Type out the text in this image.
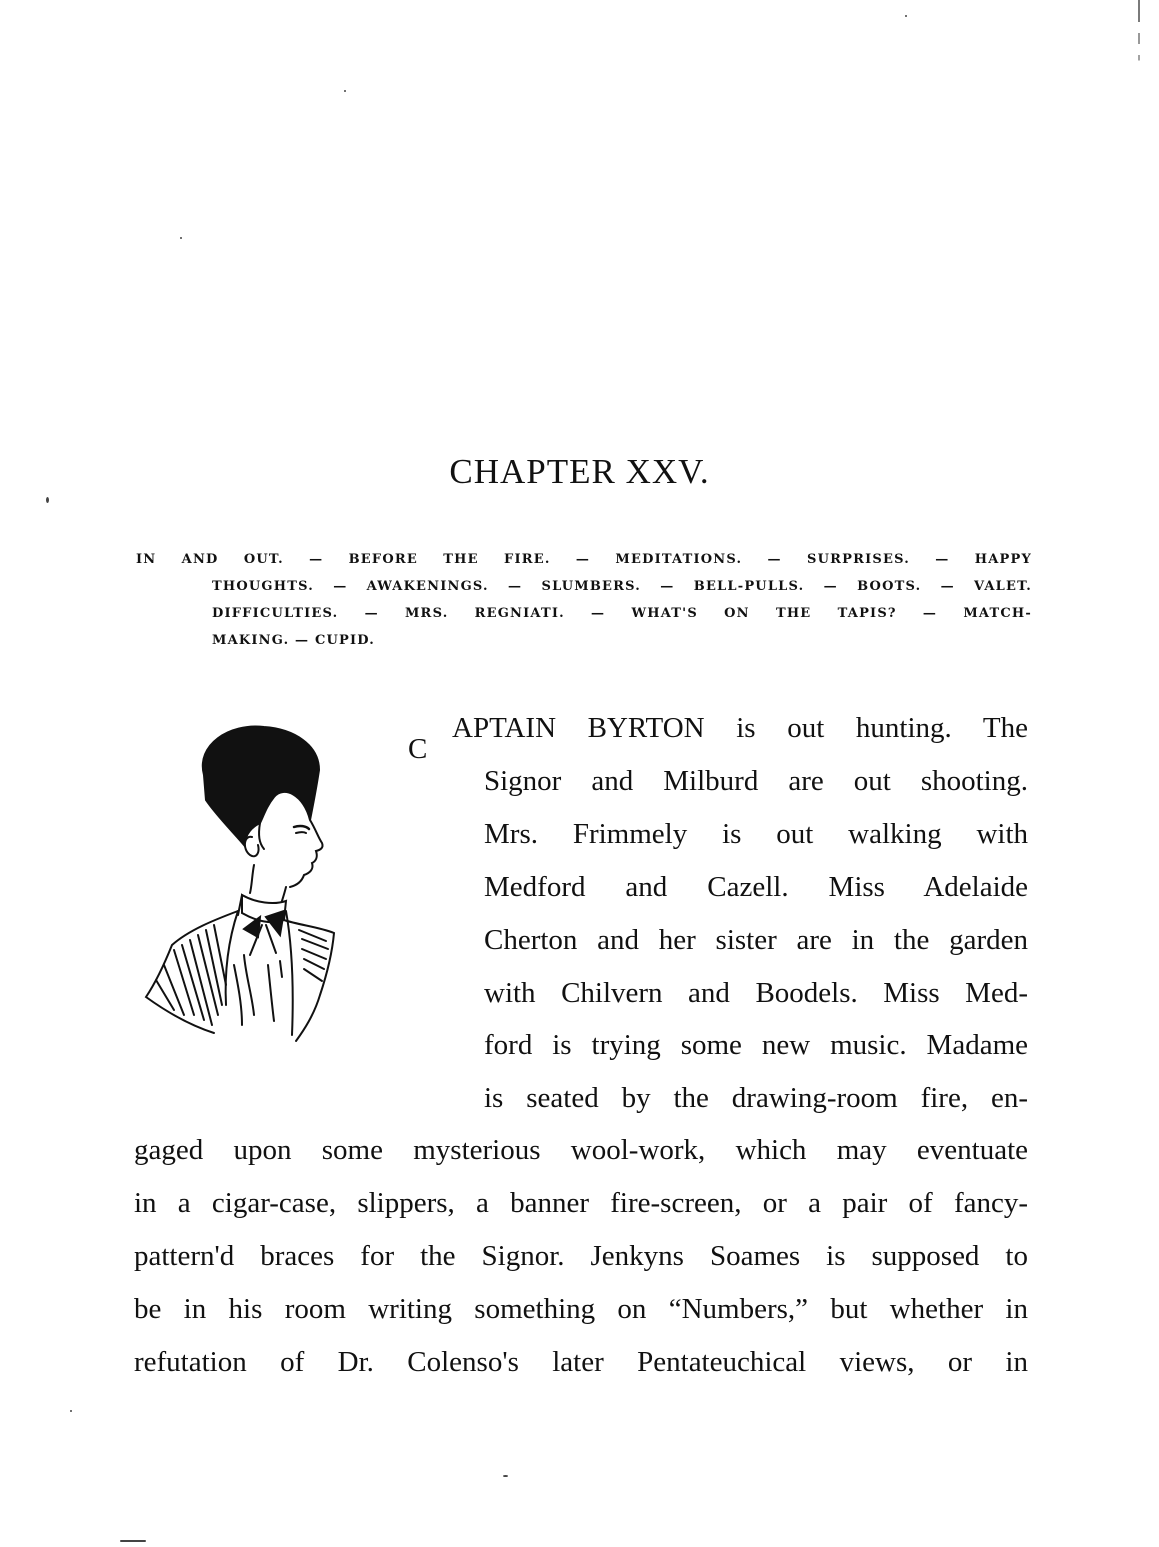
CHAPTER XXV.
IN AND OUT. — BEFORE THE FIRE. — MEDITATIONS. — SURPRISES. — HAPPY
THOUGHTS. — AWAKENINGS. — SLUMBERS. — BELL-PULLS. — BOOTS. — VALET.
DIFFICULTIES. — MRS. REGNIATI. — WHAT'S ON THE TAPIS? — MATCH-
MAKING. — CUPID.
C
APTAIN BYRTON is out hunting. The
Signor and Milburd are out shooting.
Mrs. Frimmely is out walking with
Medford and Cazell. Miss Adelaide
Cherton and her sister are in the garden
with Chilvern and Boodels. Miss Med-
ford is trying some new music. Madame
is seated by the drawing-room fire, en-
gaged upon some mysterious wool-work, which may eventuate
in a cigar-case, slippers, a banner fire-screen, or a pair of fancy-
pattern'd braces for the Signor. Jenkyns Soames is supposed to
be in his room writing something on “Numbers,” but whether in
refutation of Dr. Colenso's later Pentateuchical views, or in
